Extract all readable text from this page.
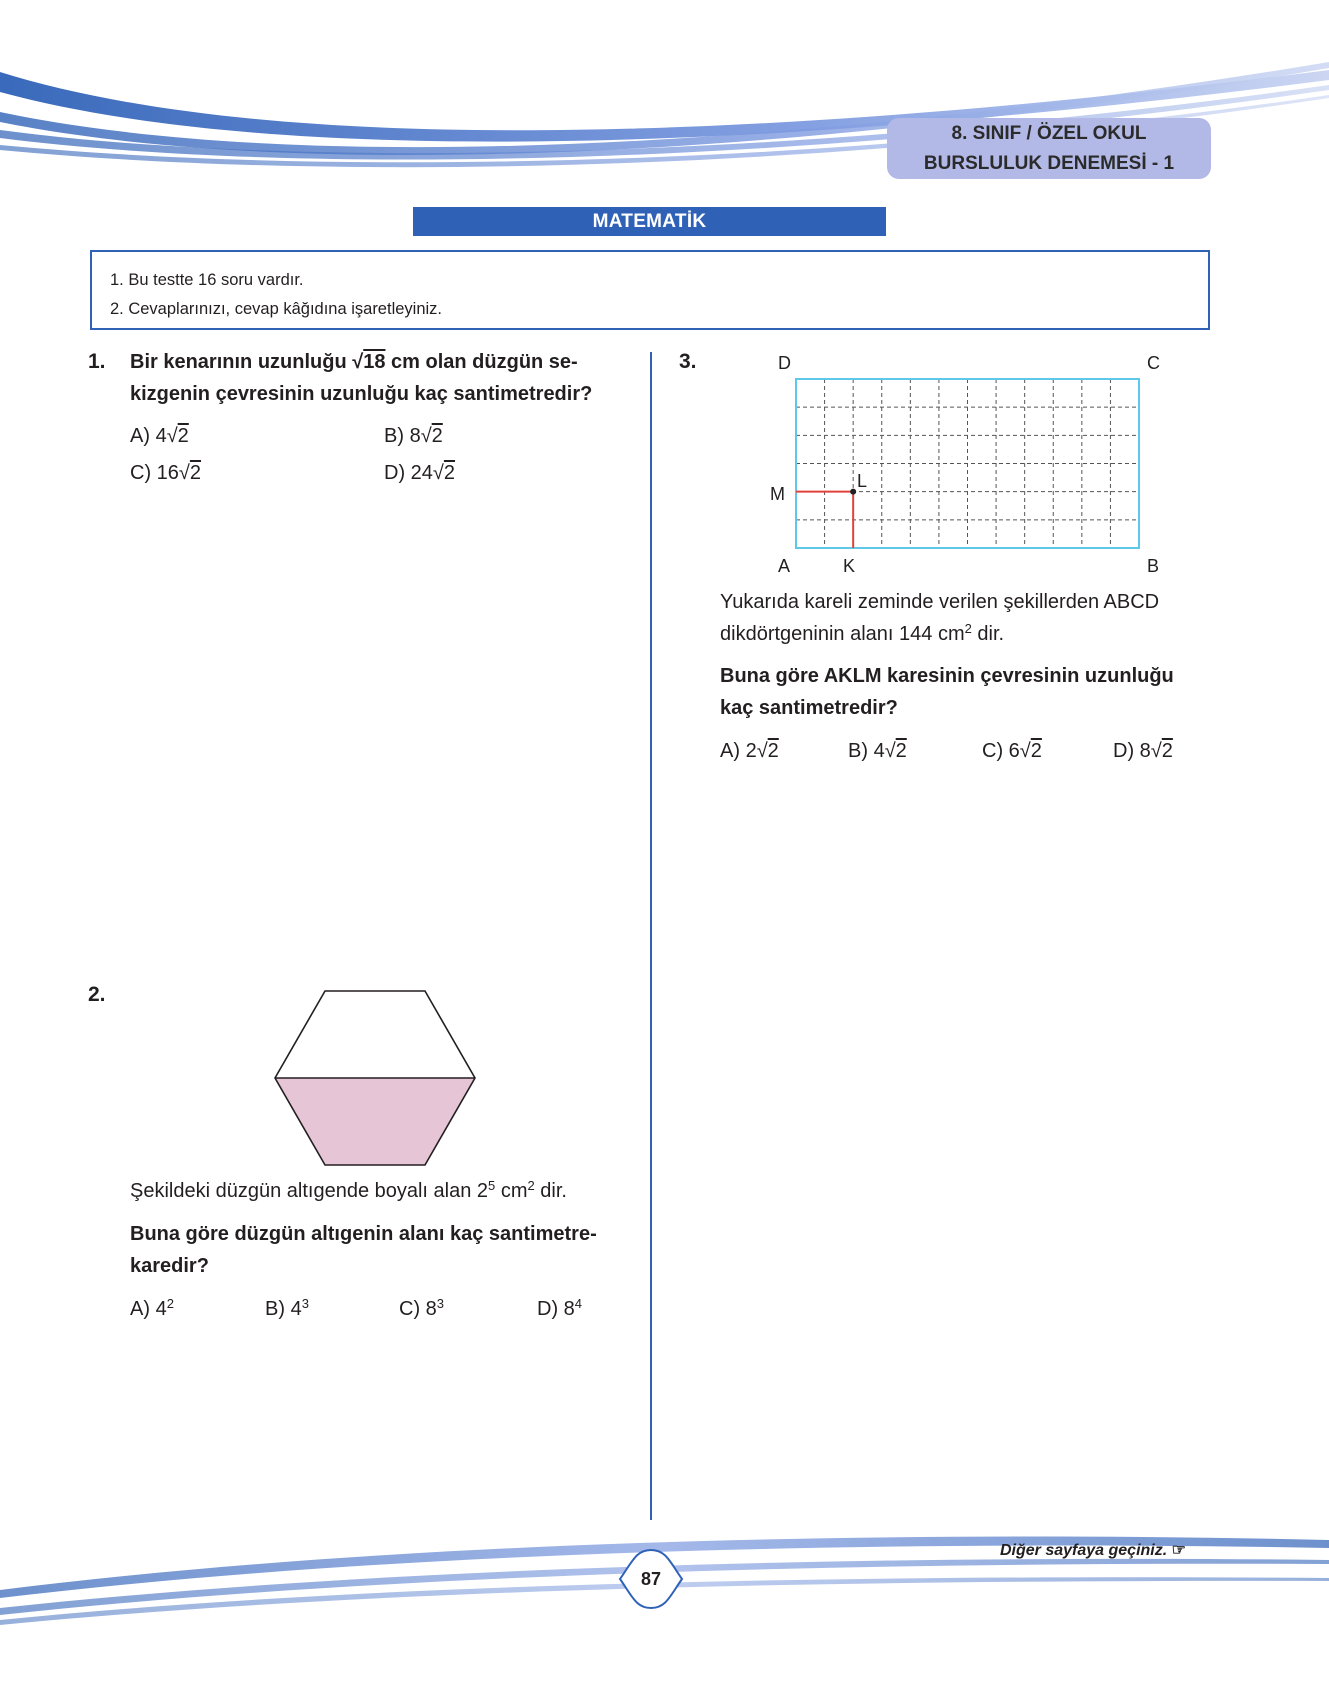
8. SINIF / ÖZEL OKUL
BURSLULUK DENEMESİ - 1
MATEMATİK
1. Bu testte 16 soru vardır.
2. Cevaplarınızı, cevap kâğıdına işaretleyiniz.
1. Bir kenarının uzunluğu √18 cm olan düzgün se-
kizgenin çevresinin uzunluğu kaç santimetredir?
A) 4√2	B) 8√2
C) 16√2	D) 24√2
2.
Şekildeki düzgün altıgende boyalı alan $2^5$ $cm^2$ dir.
Buna göre düzgün altıgenin alanı kaç santimetre-
karedir?
A) $4^2$	B) $4^3$	C) $8^3$	D) $8^4$
3.	D	C
A	B
K
L
M
Yukarıda kareli zeminde verilen şekillerden ABCD
dikdörtgeninin alanı 144 $cm^2$ dir.
Buna göre AKLM karesinin çevresinin uzunluğu
kaç santimetredir?
A) 2√2	B) 4√2	C) 6√2	D) 8√2
Diğer sayfaya geçiniz. ☞
87
